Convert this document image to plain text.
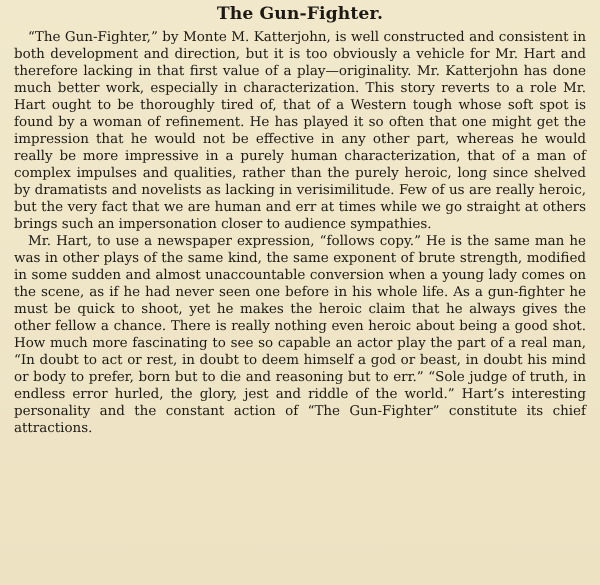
The Gun-Fighter.

“The Gun-Fighter,” by Monte M. Katterjohn, is well constructed and consistent in both development and direction, but it is too obviously a vehicle for Mr. Hart and therefore lacking in that first value of a play—originality. Mr. Katterjohn has done much better work, especially in characterization. This story reverts to a role Mr. Hart ought to be thoroughly tired of, that of a Western tough whose soft spot is found by a woman of refinement. He has played it so often that one might get the impression that he would not be effective in any other part, whereas he would really be more impressive in a purely human characterization, that of a man of complex impulses and qualities, rather than the purely heroic, long since shelved by dramatists and novelists as lacking in verisimilitude. Few of us are really heroic, but the very fact that we are human and err at times while we go straight at others brings such an impersonation closer to audience sympathies.

Mr. Hart, to use a newspaper expression, “follows copy.” He is the same man he was in other plays of the same kind, the same exponent of brute strength, modified in some sudden and almost unaccountable conversion when a young lady comes on the scene, as if he had never seen one before in his whole life. As a gun-fighter he must be quick to shoot, yet he makes the heroic claim that he always gives the other fellow a chance. There is really nothing even heroic about being a good shot. How much more fascinating to see so capable an actor play the part of a real man, “In doubt to act or rest, in doubt to deem himself a god or beast, in doubt his mind or body to prefer, born but to die and reasoning but to err.” “Sole judge of truth, in endless error hurled, the glory, jest and riddle of the world.” Hart’s interesting personality and the constant action of “The Gun-Fighter” constitute its chief attractions.
